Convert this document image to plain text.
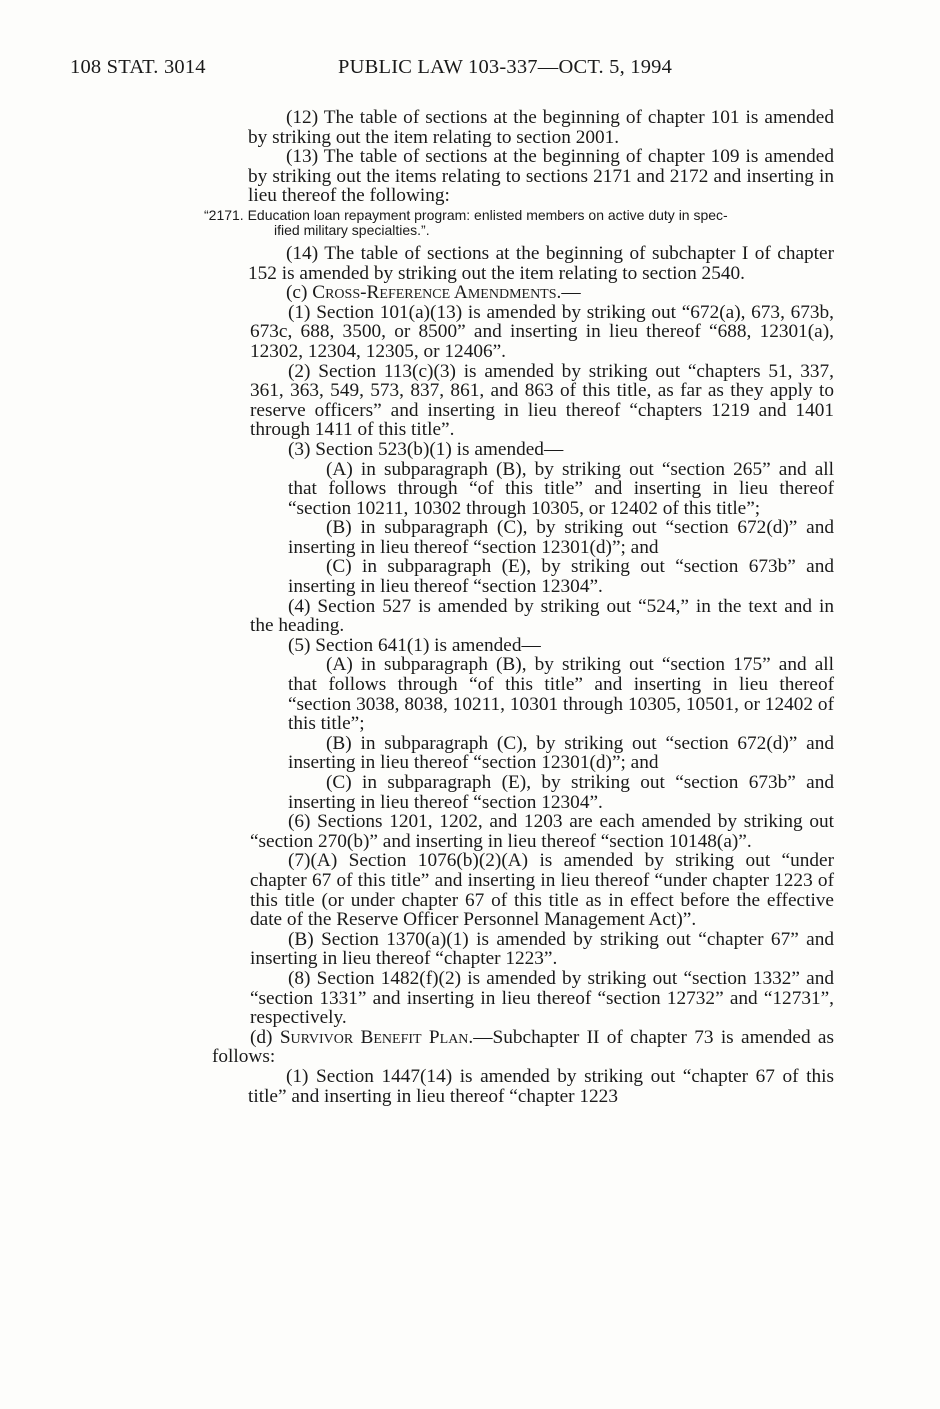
108 STAT. 3014	PUBLIC LAW 103-337—OCT. 5, 1994

(12) The table of sections at the beginning of chapter 101 is amended by striking out the item relating to section 2001.

(13) The table of sections at the beginning of chapter 109 is amended by striking out the items relating to sections 2171 and 2172 and inserting in lieu thereof the following:

“2171. Education loan repayment program: enlisted members on active duty in spec-
ified military specialties.”.

(14) The table of sections at the beginning of subchapter I of chapter 152 is amended by striking out the item relating to section 2540.

(c) Cross-Reference Amendments.—

(1) Section 101(a)(13) is amended by striking out “672(a), 673, 673b, 673c, 688, 3500, or 8500” and inserting in lieu thereof “688, 12301(a), 12302, 12304, 12305, or 12406”.

(2) Section 113(c)(3) is amended by striking out “chapters 51, 337, 361, 363, 549, 573, 837, 861, and 863 of this title, as far as they apply to reserve officers” and inserting in lieu thereof “chapters 1219 and 1401 through 1411 of this title”.

(3) Section 523(b)(1) is amended—

(A) in subparagraph (B), by striking out “section 265” and all that follows through “of this title” and inserting in lieu thereof “section 10211, 10302 through 10305, or 12402 of this title”;

(B) in subparagraph (C), by striking out “section 672(d)” and inserting in lieu thereof “section 12301(d)”; and

(C) in subparagraph (E), by striking out “section 673b” and inserting in lieu thereof “section 12304”.

(4) Section 527 is amended by striking out “524,” in the text and in the heading.

(5) Section 641(1) is amended—

(A) in subparagraph (B), by striking out “section 175” and all that follows through “of this title” and inserting in lieu thereof “section 3038, 8038, 10211, 10301 through 10305, 10501, or 12402 of this title”;

(B) in subparagraph (C), by striking out “section 672(d)” and inserting in lieu thereof “section 12301(d)”; and

(C) in subparagraph (E), by striking out “section 673b” and inserting in lieu thereof “section 12304”.

(6) Sections 1201, 1202, and 1203 are each amended by striking out “section 270(b)” and inserting in lieu thereof “section 10148(a)”.

(7)(A) Section 1076(b)(2)(A) is amended by striking out “under chapter 67 of this title” and inserting in lieu thereof “under chapter 1223 of this title (or under chapter 67 of this title as in effect before the effective date of the Reserve Officer Personnel Management Act)”.

(B) Section 1370(a)(1) is amended by striking out “chapter 67” and inserting in lieu thereof “chapter 1223”.

(8) Section 1482(f)(2) is amended by striking out “section 1332” and “section 1331” and inserting in lieu thereof “section 12732” and “12731”, respectively.

(d) Survivor Benefit Plan.—Subchapter II of chapter 73 is amended as follows:

(1) Section 1447(14) is amended by striking out “chapter 67 of this title” and inserting in lieu thereof “chapter 1223
